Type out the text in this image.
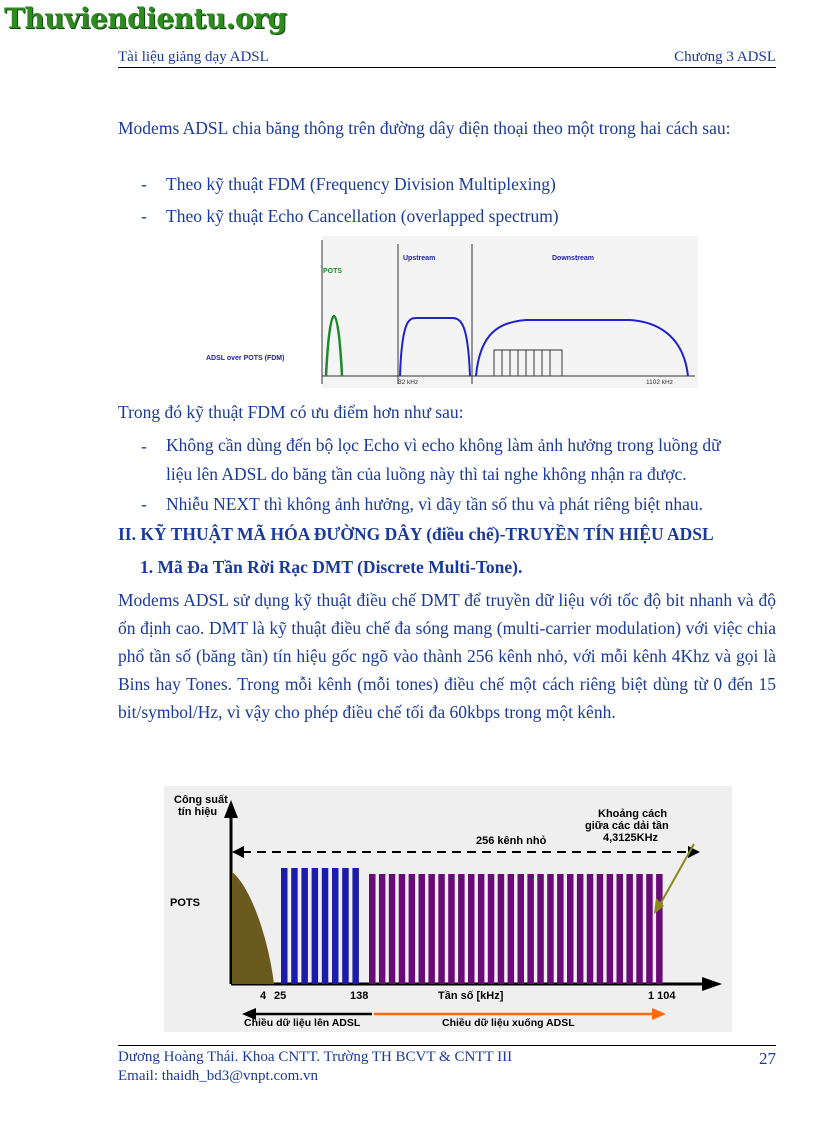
Thuviendientu.org
Tài liệu giảng dạy ADSL	Chương 3 ADSL
Modems ADSL chia băng thông trên đường dây điện thoại theo một trong hai cách sau:
- Theo kỹ thuật FDM (Frequency Division Multiplexing)
- Theo kỹ thuật Echo Cancellation (overlapped spectrum)
POTS
Upstream	Downstream
ADSL over POTS (FDM)
32 kHz	1102 kHz
Trong đó kỹ thuật FDM có ưu điểm hơn như sau:
- Không cần dùng đến bộ lọc Echo vì echo không làm ảnh hưởng trong luồng dữ
liệu lên ADSL do băng tần của luồng này thì tai nghe không nhận ra được.
- Nhiễu NEXT thì không ảnh hưởng, vì dãy tần số thu và phát riêng biệt nhau.
II. KỸ THUẬT MÃ HÓA ĐƯỜNG DÂY (điều chế)-TRUYỀN TÍN HIỆU ADSL
1. Mã Đa Tần Rời Rạc DMT (Discrete Multi-Tone).
Modems ADSL sử dụng kỹ thuật điều chế DMT để truyền dữ liệu với tốc độ bit nhanh và độ ổn định cao. DMT là kỹ thuật điều chế đa sóng mang (multi-carrier modulation) với việc chia phổ tần số (băng tần) tín hiệu gốc ngõ vào thành 256 kênh nhỏ, với mỗi kênh 4Khz và gọi là Bins hay Tones. Trong mỗi kênh (mỗi tones) điều chế một cách riêng biệt dùng từ 0 đến 15 bit/symbol/Hz, vì vậy cho phép điều chế tối đa 60kbps trong một kênh.
Công suất
tín hiệu
POTS
256 kênh nhỏ
Khoảng cách
giữa các dải tần
4,3125KHz
4 25	138	Tần số [kHz]	1 104
Chiều dữ liệu lên ADSL	Chiều dữ liệu xuống ADSL
Dương Hoàng Thái. Khoa CNTT. Trường TH BCVT & CNTT III
Email: thaidh_bd3@vnpt.com.vn
27
